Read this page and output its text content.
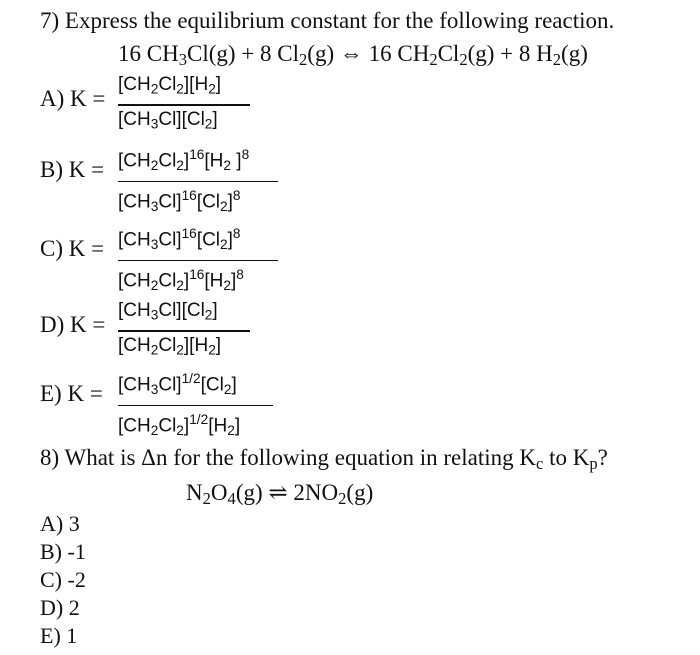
7) Express the equilibrium constant for the following reaction.
16 $CH_3Cl(g) + 8$ $Cl_2(g)$ ⇔ 16 $CH_2Cl_2(g) + 8$ $H_2(g)$
A) K =
$[CH_2Cl_2][H_2]$
$[CH_3Cl][Cl_2]$
B) $K = [CH_2Cl_2]^{16}[H_2$ ]$^8$
$[CH_3Cl]^{16}[Cl_2]^8$
C) $K = [CH_3Cl]^{16}[Cl_2]^8$
$[CH_2Cl_2]^{16}[H_2]^8$
D) K =
$[CH_3Cl][Cl_2]$
$[CH_2Cl_2][H_2]$
E) $K = [CH_3Cl]^{1/2}[Cl_2]$
$[CH_2Cl_2]^{1/2}[H_2]$
8) What is Δn for the following equation in relating $K_c$ to $K_p$?
$N_2O_4(g)$ ⇌ $2NO_2(g)$
A) 3
B) -1
C) -2
D) 2
E) 1
